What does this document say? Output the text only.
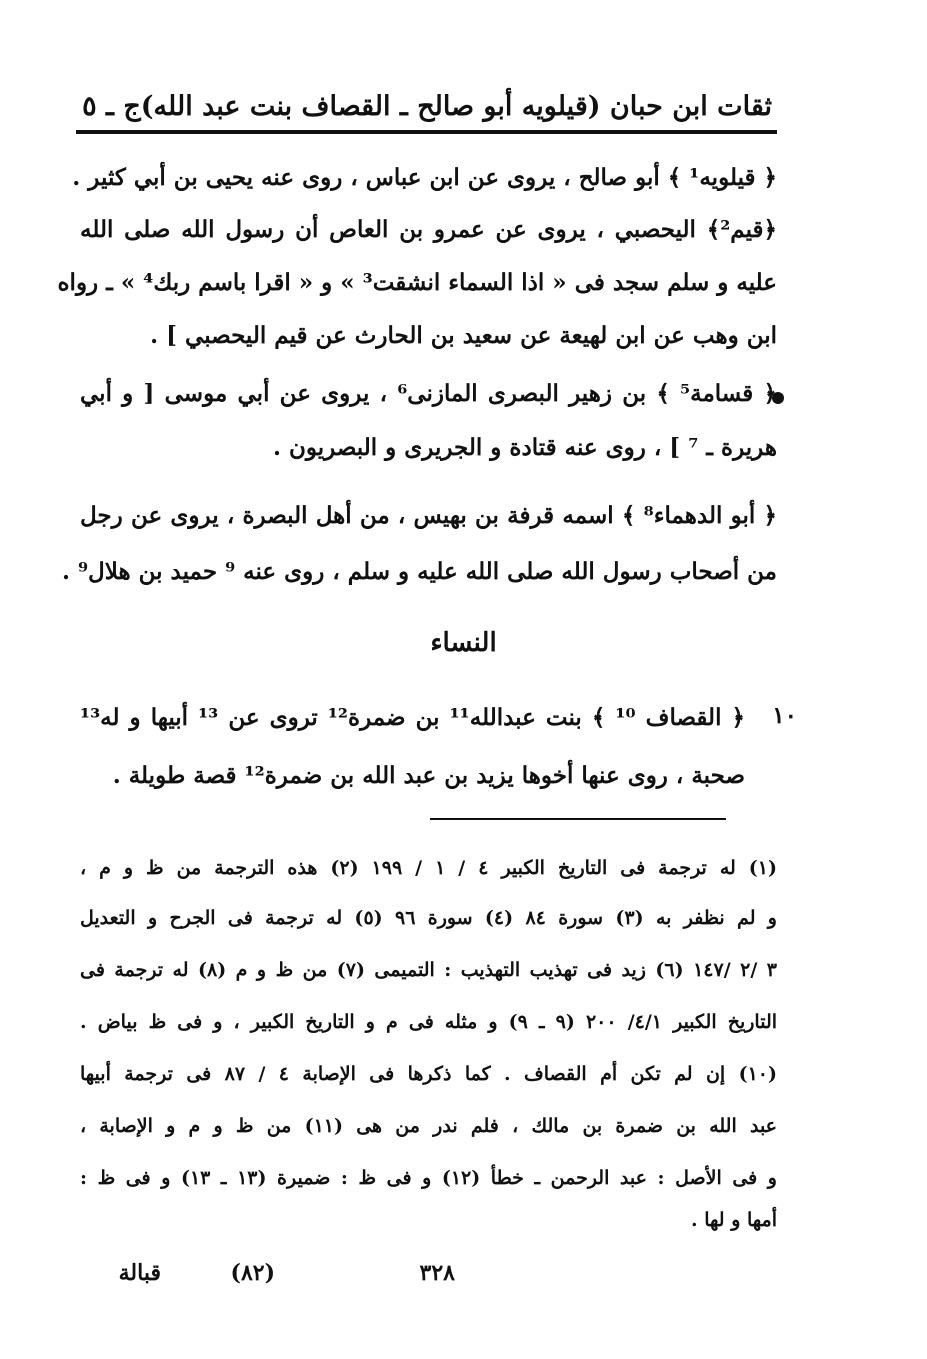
ثقات ابن حبان (قيلويه أبو صالح ـ القصاف بنت عبد الله)
ج ـ ٥
﴿ قيلويه¹ ﴾ أبو صالح ، يروى عن ابن عباس ، روى عنه يحيى بن أبي كثير .
﴿قيم²﴾ اليحصبي ، يروى عن عمرو بن العاص أن رسول الله صلى الله
عليه و سلم سجد فى « اذا السماء انشقت³ » و « اقرا باسم ربك⁴ » ـ رواه
ابن وهب عن ابن لهيعة عن سعيد بن الحارث عن قيم اليحصبي ] .
﴿ قسامة⁵ ﴾ بن زهير البصرى المازنى⁶ ، يروى عن أبي موسى [ و أبي
هريرة ـ ⁷ ] ، روى عنه قتادة و الجريرى و البصريون .
﴿ أبو الدهماء⁸ ﴾ اسمه قرفة بن بهيس ، من أهل البصرة ، يروى عن رجل
من أصحاب رسول الله صلى الله عليه و سلم ، روى عنه ⁹ حميد بن هلال⁹ .
النساء
١٠
﴿ القصاف ¹⁰ ﴾ بنت عبدالله¹¹ بن ضمرة¹² تروى عن ¹³ أبيها و له¹³
صحبة ، روى عنها أخوها يزيد بن عبد الله بن ضمرة¹² قصة طويلة .
(١) له ترجمة فى التاريخ الكبير ٤ / ١ / ١٩٩ (٢) هذه الترجمة من ظ و م ،
و لم نظفر به (٣) سورة ٨٤ (٤) سورة ٩٦ (٥) له ترجمة فى الجرح و التعديل
٣ /٢ /١٤٧ (٦) زيد فى تهذيب التهذيب : التميمى (٧) من ظ و م (٨) له ترجمة فى
التاريخ الكبير ٤/١/ ٢٠٠ (٩ ـ ٩) و مثله فى م و التاريخ الكبير ، و فى ظ بياض .
(١٠) إن لم تكن أم القصاف . كما ذكرها فى الإصابة ٤ / ٨٧ فى ترجمة أبيها
عبد الله بن ضمرة بن مالك ، فلم ندر من هى (١١) من ظ و م و الإصابة ،
و فى الأصل : عبد الرحمن ـ خطأ (١٢) و فى ظ : ضميرة (١٣ ـ ١٣) و فى ظ :
أمها و لها .
٣٢٨
(٨٢)
قبالة
